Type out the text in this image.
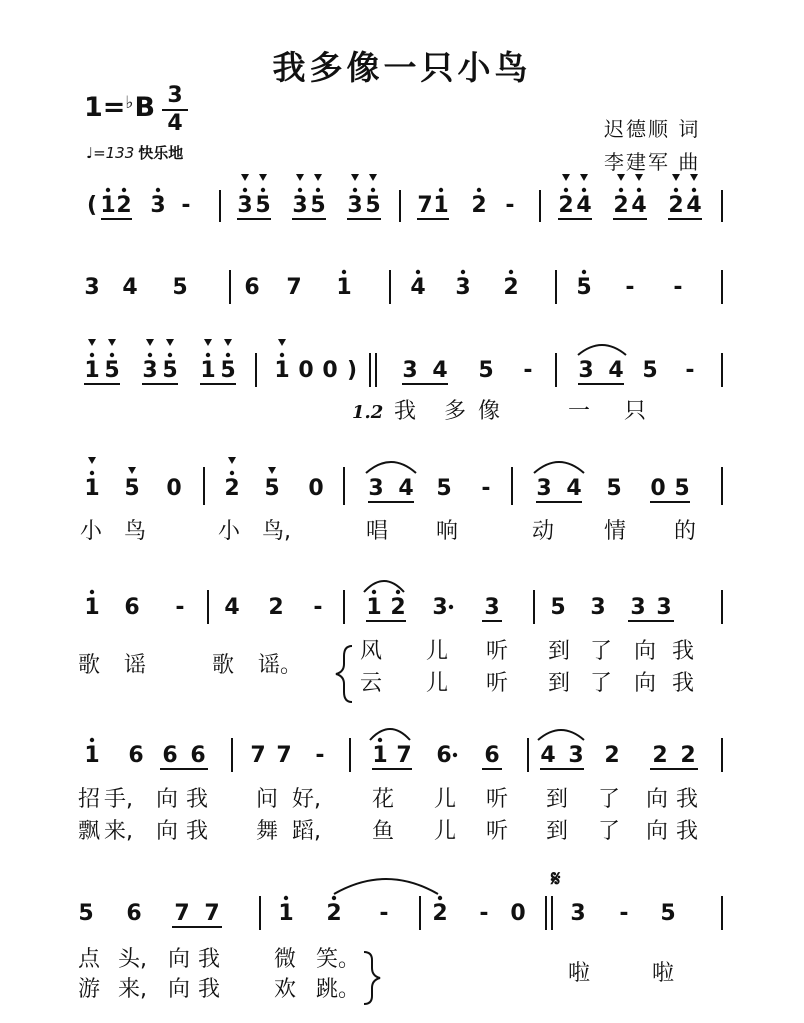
我多像一只小鸟
1=♭B 3
4
♩=133 快乐地
迟德顺 词
李建军 曲
( 1 2 3 - 3 5 3 5 3 5 7 1 2 - 2 4 2 4 2 4
3 4 5	6 7 1	4 3 2	5 - -
1 5 3 5 1 5 1 0 0 ) 3 4 5 - 3 4 5 -
1 5 0 2 5 0 3 4 5 - 3 4 5 0 5
1 6 - 4 2 - 1 2 3 3 5 3 3 3
1 6 6 6 7 7 - 1 7 6 6 4 3 2 2 2
5 6 7 7	1 2 - 2 - 0 3 - 5
我 多 像	一 只
小 鸟	小 鸟,	唱 响	动 情 的
歌 谣	歌 谣。
风 儿 听 到 了 向 我
云 儿 听 到 了 向 我
招 手, 向 我 问 好, 花 儿 听 到 了 向 我
飘 来, 向 我 舞 蹈, 鱼 儿 听 到 了 向 我
点 头, 向 我 微 笑。
游 来, 向 我 欢 跳。
啦	啦
𝄋
1.2
